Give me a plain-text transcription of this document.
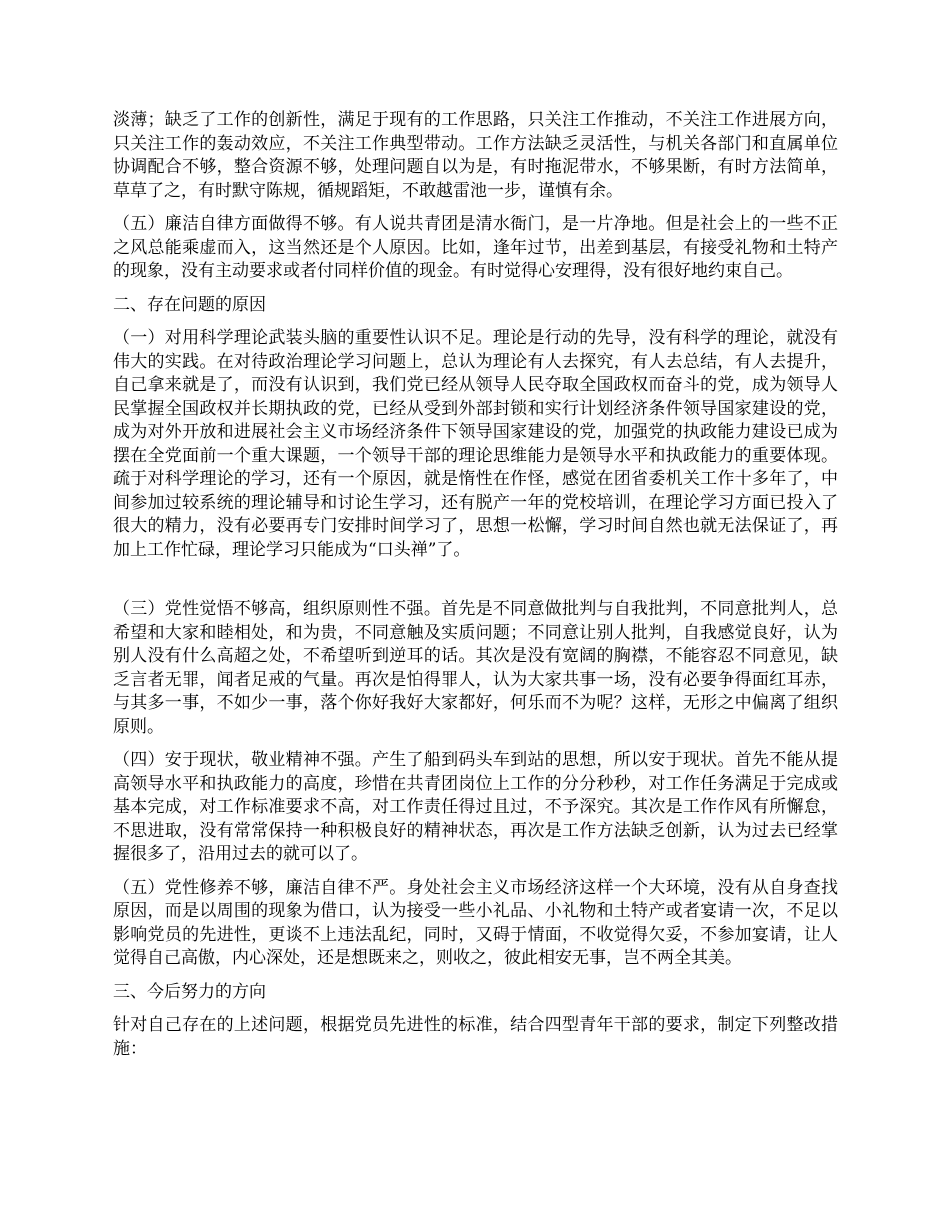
淡薄；缺乏了工作的创新性，满足于现有的工作思路，只关注工作推动，不关注工作进展方向，只关注工作的轰动效应，不关注工作典型带动。工作方法缺乏灵活性，与机关各部门和直属单位协调配合不够，整合资源不够，处理问题自以为是，有时拖泥带水，不够果断，有时方法简单，草草了之，有时默守陈规，循规蹈矩，不敢越雷池一步，谨慎有余。

（五）廉洁自律方面做得不够。有人说共青团是清水衙门，是一片净地。但是社会上的一些不正之风总能乘虚而入，这当然还是个人原因。比如，逢年过节，出差到基层，有接受礼物和土特产的现象，没有主动要求或者付同样价值的现金。有时觉得心安理得，没有很好地约束自己。

二、存在问题的原因

（一）对用科学理论武装头脑的重要性认识不足。理论是行动的先导，没有科学的理论，就没有伟大的实践。在对待政治理论学习问题上，总认为理论有人去探究，有人去总结，有人去提升，自己拿来就是了，而没有认识到，我们党已经从领导人民夺取全国政权而奋斗的党，成为领导人民掌握全国政权并长期执政的党，已经从受到外部封锁和实行计划经济条件领导国家建设的党，成为对外开放和进展社会主义市场经济条件下领导国家建设的党，加强党的执政能力建设已成为摆在全党面前一个重大课题，一个领导干部的理论思维能力是领导水平和执政能力的重要体现。疏于对科学理论的学习，还有一个原因，就是惰性在作怪，感觉在团省委机关工作十多年了，中间参加过较系统的理论辅导和讨论生学习，还有脱产一年的党校培训，在理论学习方面已投入了很大的精力，没有必要再专门安排时间学习了，思想一松懈，学习时间自然也就无法保证了，再加上工作忙碌，理论学习只能成为“口头禅”了。

（三）党性觉悟不够高，组织原则性不强。首先是不同意做批判与自我批判，不同意批判人，总希望和大家和睦相处，和为贵，不同意触及实质问题；不同意让别人批判，自我感觉良好，认为别人没有什么高超之处，不希望听到逆耳的话。其次是没有宽阔的胸襟，不能容忍不同意见，缺乏言者无罪，闻者足戒的气量。再次是怕得罪人，认为大家共事一场，没有必要争得面红耳赤，与其多一事，不如少一事，落个你好我好大家都好，何乐而不为呢？这样，无形之中偏离了组织原则。

（四）安于现状，敬业精神不强。产生了船到码头车到站的思想，所以安于现状。首先不能从提高领导水平和执政能力的高度，珍惜在共青团岗位上工作的分分秒秒，对工作任务满足于完成或基本完成，对工作标准要求不高，对工作责任得过且过，不予深究。其次是工作作风有所懈怠，不思进取，没有常常保持一种积极良好的精神状态，再次是工作方法缺乏创新，认为过去已经掌握很多了，沿用过去的就可以了。

（五）党性修养不够，廉洁自律不严。身处社会主义市场经济这样一个大环境，没有从自身查找原因，而是以周围的现象为借口，认为接受一些小礼品、小礼物和土特产或者宴请一次，不足以影响党员的先进性，更谈不上违法乱纪，同时，又碍于情面，不收觉得欠妥，不参加宴请，让人觉得自己高傲，内心深处，还是想既来之，则收之，彼此相安无事，岂不两全其美。

三、今后努力的方向

针对自己存在的上述问题，根据党员先进性的标准，结合四型青年干部的要求，制定下列整改措施：
